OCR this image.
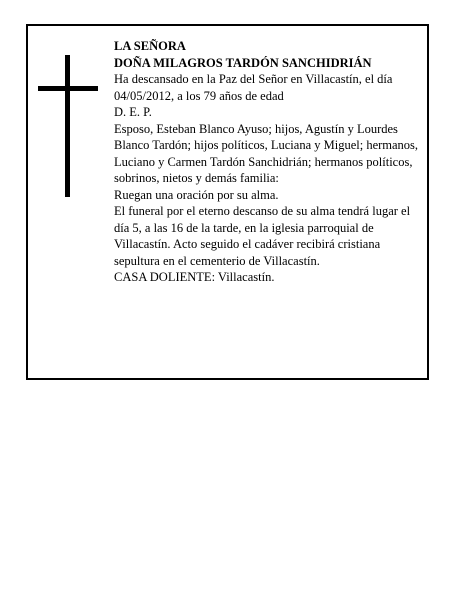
LA SEÑORA

DOÑA MILAGROS TARDÓN SANCHIDRIÁN

Ha descansado en la Paz del Señor en Villacastín, el día 04/05/2012, a los 79 años de edad

D. E. P.

Esposo, Esteban Blanco Ayuso; hijos, Agustín y Lourdes Blanco Tardón; hijos políticos, Luciana y Miguel; hermanos, Luciano y Carmen Tardón Sanchidrián; hermanos políticos, sobrinos, nietos y demás familia:

Ruegan una oración por su alma.

El funeral por el eterno descanso de su alma tendrá lugar el día 5, a las 16 de la tarde, en la iglesia parroquial de Villacastín. Acto seguido el cadáver recibirá cristiana sepultura en el cementerio de Villacastín.

CASA DOLIENTE: Villacastín.
